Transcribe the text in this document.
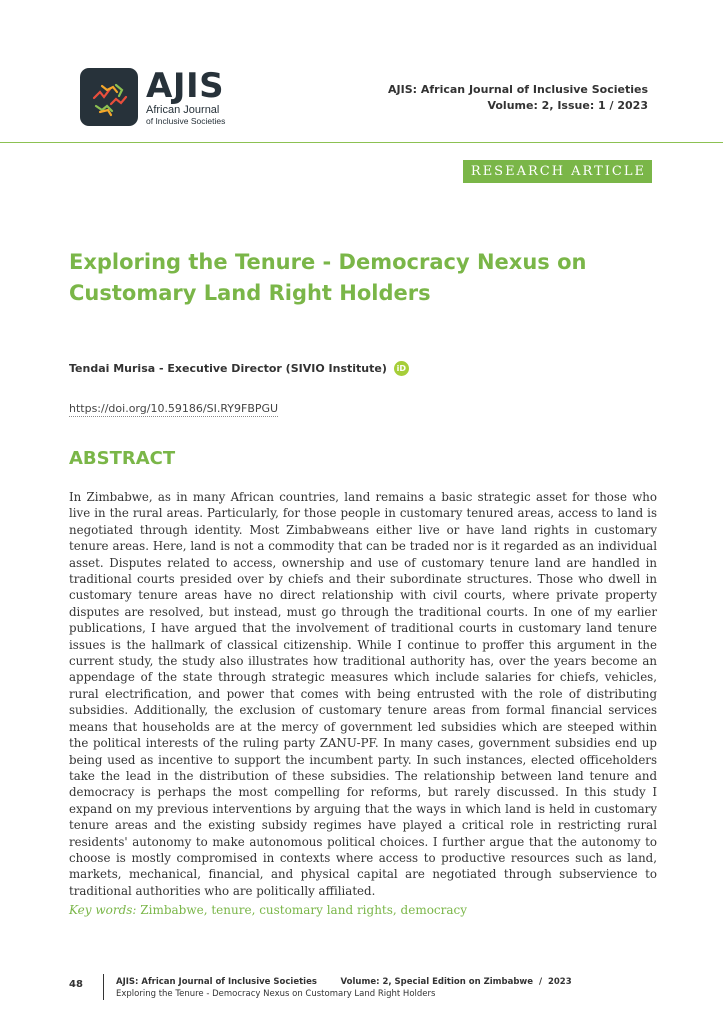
AJIS
African Journal
of Inclusive Societies
AJIS: African Journal of Inclusive Societies
Volume: 2, Issue: 1 / 2023
RESEARCH ARTICLE
Exploring the Tenure - Democracy Nexus on Customary Land Right Holders
Tendai Murisa - Executive Director (SIVIO Institute)	iD
https://doi.org/10.59186/SI.RY9FBPGU
ABSTRACT

In Zimbabwe, as in many African countries, land remains a basic strategic asset for those who live in the rural areas. Particularly, for those people in customary tenured areas, access to land is negotiated through identity. Most Zimbabweans either live or have land rights in customary tenure areas. Here, land is not a commodity that can be traded nor is it regarded as an individual asset. Disputes related to access, ownership and use of customary tenure land are handled in traditional courts presided over by chiefs and their subordinate structures. Those who dwell in customary tenure areas have no direct relationship with civil courts, where private property disputes are resolved, but instead, must go through the traditional courts. In one of my earlier publications, I have argued that the involvement of traditional courts in customary land tenure issues is the hallmark of classical citizenship. While I continue to proffer this argument in the current study, the study also illustrates how traditional authority has, over the years become an appendage of the state through strategic measures which include salaries for chiefs, vehicles, rural electrification, and power that comes with being entrusted with the role of distributing subsidies. Additionally, the exclusion of customary tenure areas from formal financial services means that households are at the mercy of government led subsidies which are steeped within the political interests of the ruling party ZANU-PF. In many cases, government subsidies end up being used as incentive to support the incumbent party. In such instances, elected officeholders take the lead in the distribution of these subsidies. The relationship between land tenure and democracy is perhaps the most compelling for reforms, but rarely discussed. In this study I expand on my previous interventions by arguing that the ways in which land is held in customary tenure areas and the existing subsidy regimes have played a critical role in restricting rural residents' autonomy to make autonomous political choices. I further argue that the autonomy to choose is mostly compromised in contexts where access to productive resources such as land, markets, mechanical, financial, and physical capital are negotiated through subservience to traditional authorities who are politically affiliated.

Key words: Zimbabwe, tenure, customary land rights, democracy
48	AJIS: African Journal of Inclusive Societies        Volume: 2, Special Edition on Zimbabwe  /  2023
Exploring the Tenure - Democracy Nexus on Customary Land Right Holders
